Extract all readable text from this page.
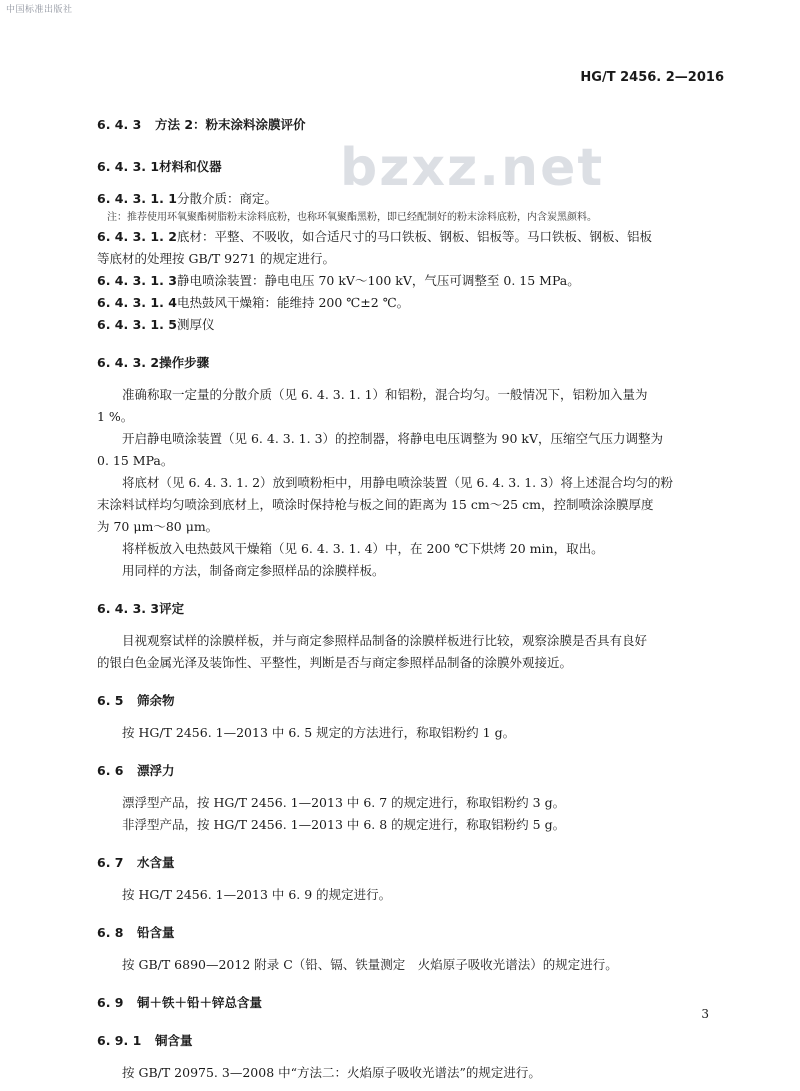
中国标准出版社
bzxz.net
HG/T 2456. 2—2016
6. 4. 3 方法 2：粉末涂料涂膜评价
6. 4. 3. 1材料和仪器

6. 4. 3. 1. 1分散介质：商定。

注：推荐使用环氧聚酯树脂粉末涂料底粉，也称环氧聚酯黑粉，即已经配制好的粉末涂料底粉，内含炭黑颜料。

6. 4. 3. 1. 2底材：平整、不吸收，如合适尺寸的马口铁板、钢板、铝板等。马口铁板、钢板、铝板

等底材的处理按 GB/T 9271 的规定进行。

6. 4. 3. 1. 3静电喷涂装置：静电电压 70 kV～100 kV，气压可调整至 0. 15 MPa。

6. 4. 3. 1. 4电热鼓风干燥箱：能维持 200 ℃±2 ℃。

6. 4. 3. 1. 5测厚仪

6. 4. 3. 2操作步骤

准确称取一定量的分散介质（见 6. 4. 3. 1. 1）和铝粉，混合均匀。一般情况下，铝粉加入量为

1 %。

开启静电喷涂装置（见 6. 4. 3. 1. 3）的控制器，将静电电压调整为 90 kV，压缩空气压力调整为

0. 15 MPa。

将底材（见 6. 4. 3. 1. 2）放到喷粉柜中，用静电喷涂装置（见 6. 4. 3. 1. 3）将上述混合均匀的粉

末涂料试样均匀喷涂到底材上，喷涂时保持枪与板之间的距离为 15 cm～25 cm，控制喷涂涂膜厚度

为 70 μm～80 μm。

将样板放入电热鼓风干燥箱（见 6. 4. 3. 1. 4）中，在 200 ℃下烘烤 20 min，取出。

用同样的方法，制备商定参照样品的涂膜样板。

6. 4. 3. 3评定

目视观察试样的涂膜样板，并与商定参照样品制备的涂膜样板进行比较，观察涂膜是否具有良好

的银白色金属光泽及装饰性、平整性，判断是否与商定参照样品制备的涂膜外观接近。

6. 5 筛余物

按 HG/T 2456. 1—2013 中 6. 5 规定的方法进行，称取铝粉约 1 g。

6. 6 漂浮力

漂浮型产品，按 HG/T 2456. 1—2013 中 6. 7 的规定进行，称取铝粉约 3 g。

非浮型产品，按 HG/T 2456. 1—2013 中 6. 8 的规定进行，称取铝粉约 5 g。

6. 7 水含量

按 HG/T 2456. 1—2013 中 6. 9 的规定进行。

6. 8 铅含量

按 GB/T 6890—2012 附录 C（铅、镉、铁量测定　火焰原子吸收光谱法）的规定进行。

6. 9 铜＋铁＋铅＋锌总含量
6. 9. 1 铜含量

按 GB/T 20975. 3—2008 中“方法二：火焰原子吸收光谱法”的规定进行。

3
